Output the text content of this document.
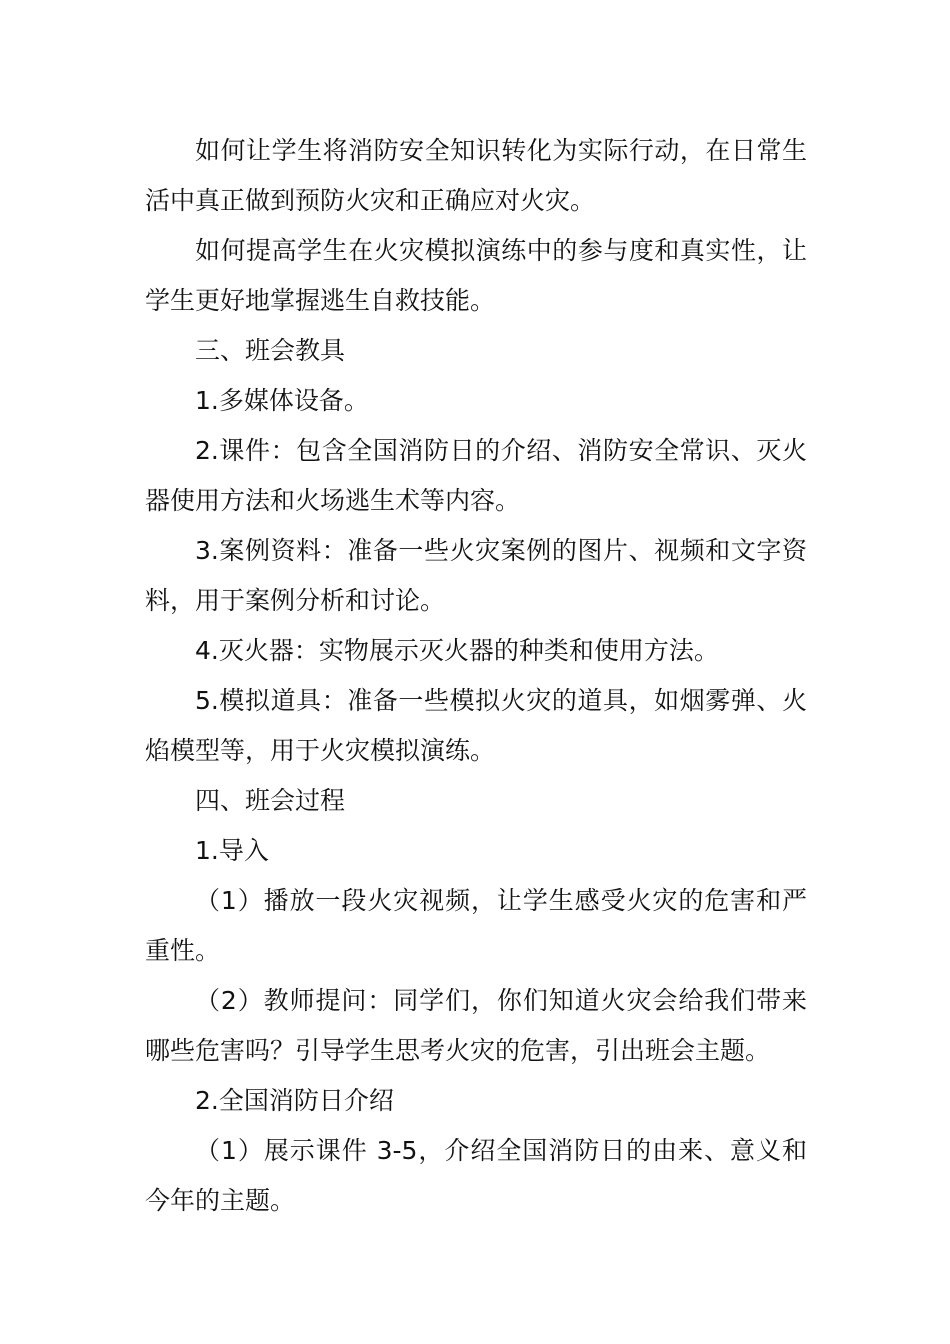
如何让学生将消防安全知识转化为实际行动，在日常生活中真正做到预防火灾和正确应对火灾。

如何提高学生在火灾模拟演练中的参与度和真实性，让学生更好地掌握逃生自救技能。

三、班会教具

1.多媒体设备。

2.课件：包含全国消防日的介绍、消防安全常识、灭火器使用方法和火场逃生术等内容。

3.案例资料：准备一些火灾案例的图片、视频和文字资料，用于案例分析和讨论。

4.灭火器：实物展示灭火器的种类和使用方法。

5.模拟道具：准备一些模拟火灾的道具，如烟雾弹、火焰模型等，用于火灾模拟演练。

四、班会过程

1.导入

（1）播放一段火灾视频，让学生感受火灾的危害和严重性。

（2）教师提问：同学们，你们知道火灾会给我们带来哪些危害吗？引导学生思考火灾的危害，引出班会主题。

2.全国消防日介绍

（1）展示课件 3-5，介绍全国消防日的由来、意义和今年的主题。
